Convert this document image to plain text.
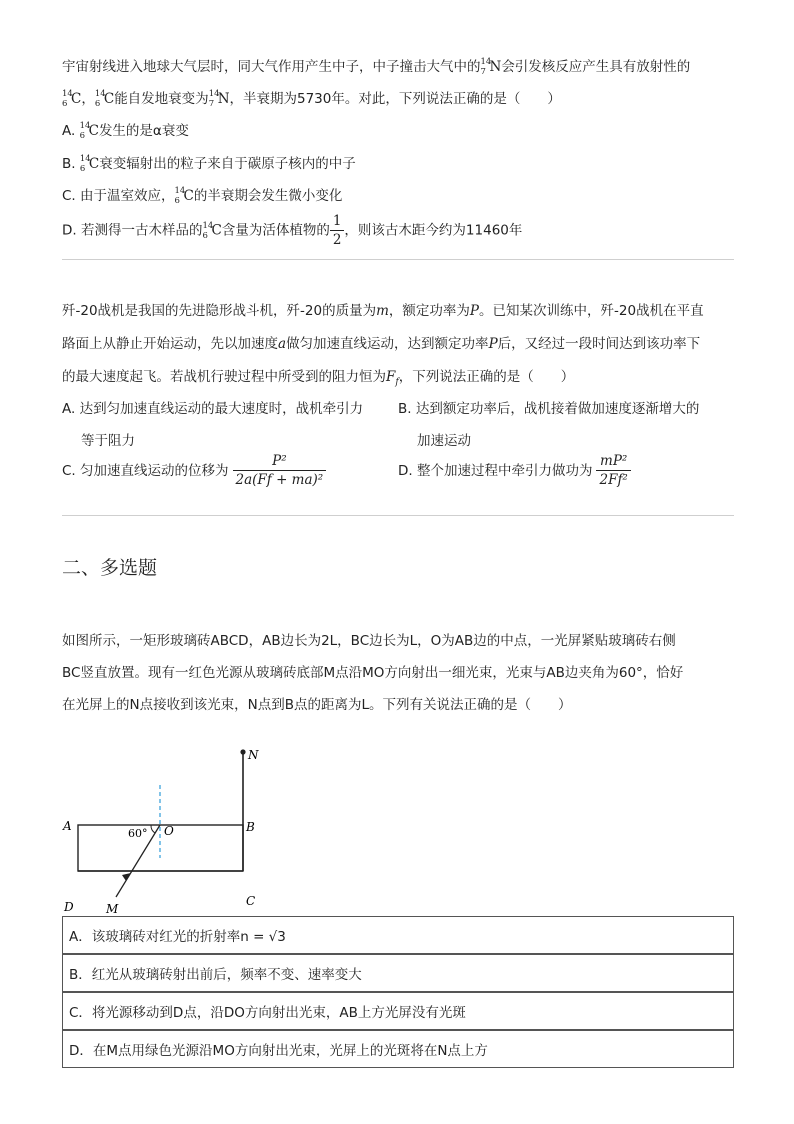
宇宙射线进入地球大气层时，同大气作用产生中子，中子撞击大气中的 14
7 N会引发核反应产生具有放射性的
14
6 C， 14
6 C能自发地衰变为 14
7 N，半衰期为5730年。对此，下列说法正确的是（　　）
A. 14
6 C发生的是α衰变
B. 14
6 C衰变辐射出的粒子来自于碳原子核内的中子
C. 由于温室效应， 14
6 C的半衰期会发生微小变化
D. 若测得一古木样品的 14
6 C含量为活体植物的 $\frac{1}{2}$ ，则该古木距今约为11460年
歼-20战机是我国的先进隐形战斗机，歼-20的质量为m，额定功率为P。已知某次训练中，歼-20战机在平直
路面上从静止开始运动，先以加速度a做匀加速直线运动，达到额定功率P后，又经过一段时间达到该功率下
的最大速度起飞。若战机行驶过程中所受到的阻力恒为$F_f$，下列说法正确的是（　　）
A. 达到匀加速直线运动的最大速度时，战机牵引力
等于阻力
B. 达到额定功率后，战机接着做加速度逐渐增大的
加速运动
C. 匀加速直线运动的位移为 $\frac{\text{P²}}{\text{2a(Ff + ma)²}}$	D. 整个加速过程中牵引力做功为 $\frac{\text{mP²}}{\text{2Ff²}}$
二、多选题
如图所示，一矩形玻璃砖ABCD，AB边长为2L，BC边长为L，O为AB边的中点，一光屏紧贴玻璃砖右侧
BC竖直放置。现有一红色光源从玻璃砖底部M点沿MO方向射出一细光束，光束与AB边夹角为60°，恰好
在光屏上的N点接收到该光束，N点到B点的距离为L。下列有关说法正确的是（　　）
N
A	B
O
60°
C
D	M
A．该玻璃砖对红光的折射率n = √3
B．红光从玻璃砖射出前后，频率不变、速率变大
C．将光源移动到D点，沿DO方向射出光束，AB上方光屏没有光斑
D．在M点用绿色光源沿MO方向射出光束，光屏上的光斑将在N点上方
